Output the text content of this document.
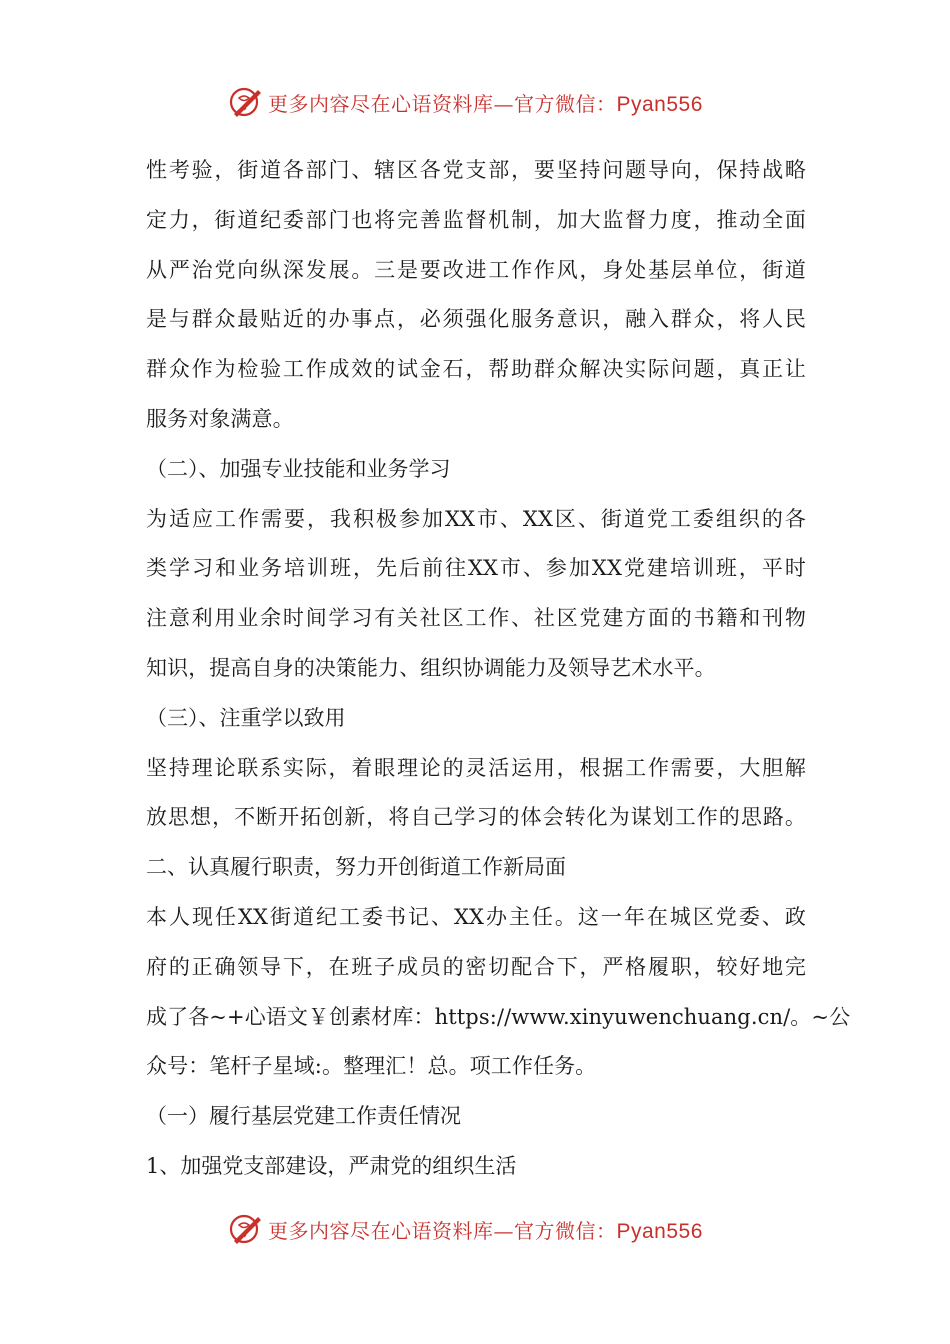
更多内容尽在心语资料库—官方微信：Pyan556
性考验，街道各部门、辖区各党支部，要坚持问题导向，保持战略
定力，街道纪委部门也将完善监督机制，加大监督力度，推动全面
从严治党向纵深发展。三是要改进工作作风，身处基层单位，街道
是与群众最贴近的办事点，必须强化服务意识，融入群众，将人民
群众作为检验工作成效的试金石，帮助群众解决实际问题，真正让
服务对象满意。
（二）、加强专业技能和业务学习
为适应工作需要，我积极参加XX市、XX区、街道党工委组织的各
类学习和业务培训班，先后前往XX市、参加XX党建培训班，平时
注意利用业余时间学习有关社区工作、社区党建方面的书籍和刊物
知识，提高自身的决策能力、组织协调能力及领导艺术水平。
（三）、注重学以致用
坚持理论联系实际，着眼理论的灵活运用，根据工作需要，大胆解
放思想，不断开拓创新，将自己学习的体会转化为谋划工作的思路。
二、认真履行职责，努力开创街道工作新局面
本人现任XX街道纪工委书记、XX办主任。这一年在城区党委、政
府的正确领导下，在班子成员的密切配合下，严格履职，较好地完
成了各~+心语文￥创素材库：https://www.xinyuwenchuang.cn/。~公
众号：笔杆子星域:。整理汇！总。项工作任务。
（一）履行基层党建工作责任情况
1、加强党支部建设，严肃党的组织生活
更多内容尽在心语资料库—官方微信：Pyan556
